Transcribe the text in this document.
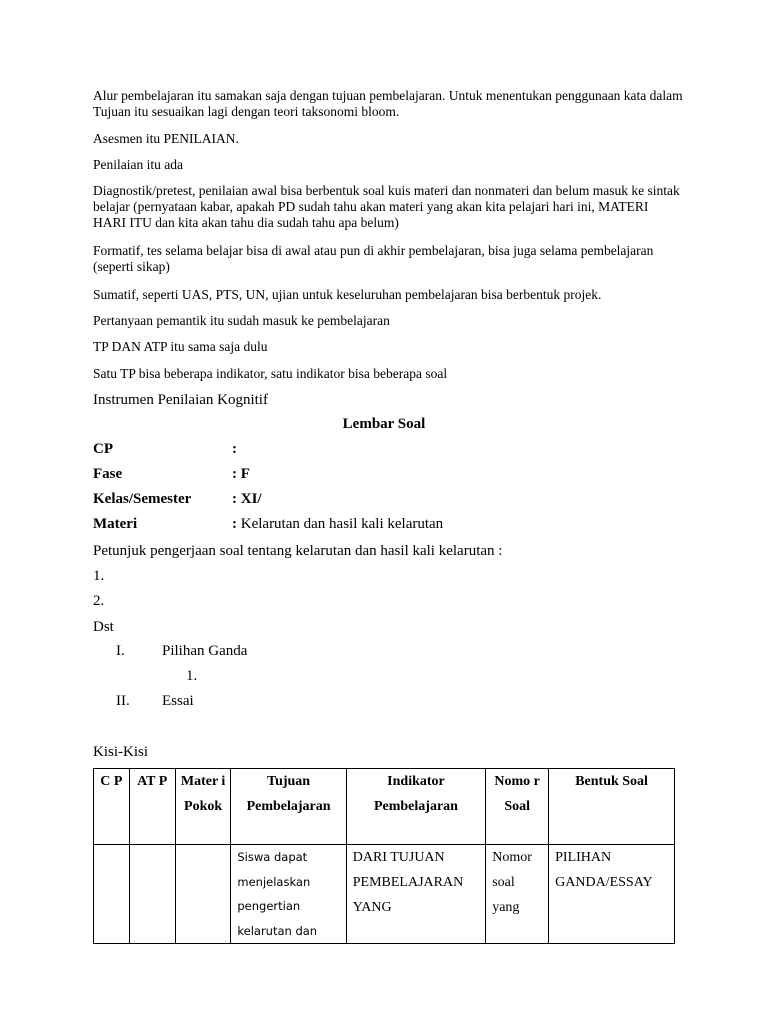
Alur pembelajaran itu samakan saja dengan tujuan pembelajaran. Untuk menentukan penggunaan kata dalam Tujuan itu sesuaikan lagi dengan teori taksonomi bloom.
Asesmen itu PENILAIAN.
Penilaian itu ada
Diagnostik/pretest, penilaian awal bisa berbentuk soal kuis materi dan nonmateri dan belum masuk ke sintak belajar (pernyataan kabar, apakah PD sudah tahu akan materi yang akan kita pelajari hari ini, MATERI HARI ITU dan kita akan tahu dia sudah tahu apa belum)
Formatif, tes selama belajar bisa di awal atau pun di akhir pembelajaran, bisa juga selama pembelajaran (seperti sikap)
Sumatif, seperti UAS, PTS, UN, ujian untuk keseluruhan pembelajaran bisa berbentuk projek.
Pertanyaan pemantik itu sudah masuk ke pembelajaran
TP DAN ATP itu sama saja dulu
Satu TP bisa beberapa indikator, satu indikator bisa beberapa soal
Instrumen Penilaian Kognitif
Lembar Soal
CP	:
Fase	: F
Kelas/Semester	: XI/
Materi	: Kelarutan dan hasil kali kelarutan
Petunjuk pengerjaan soal tentang kelarutan dan hasil kali kelarutan :
1.
2.
Dst
I. Pilihan Ganda
1.
II. Essai
Kisi-Kisi
C P	AT P	Mater i Pokok	Tujuan Pembelajaran	Indikator Pembelajaran	Nomo r Soal	Bentuk Soal
			Siswa dapat menjelaskan pengertian kelarutan dan	DARI TUJUAN PEMBELAJARAN YANG	Nomor soal yang	PILIHAN GANDA/ESSAY
